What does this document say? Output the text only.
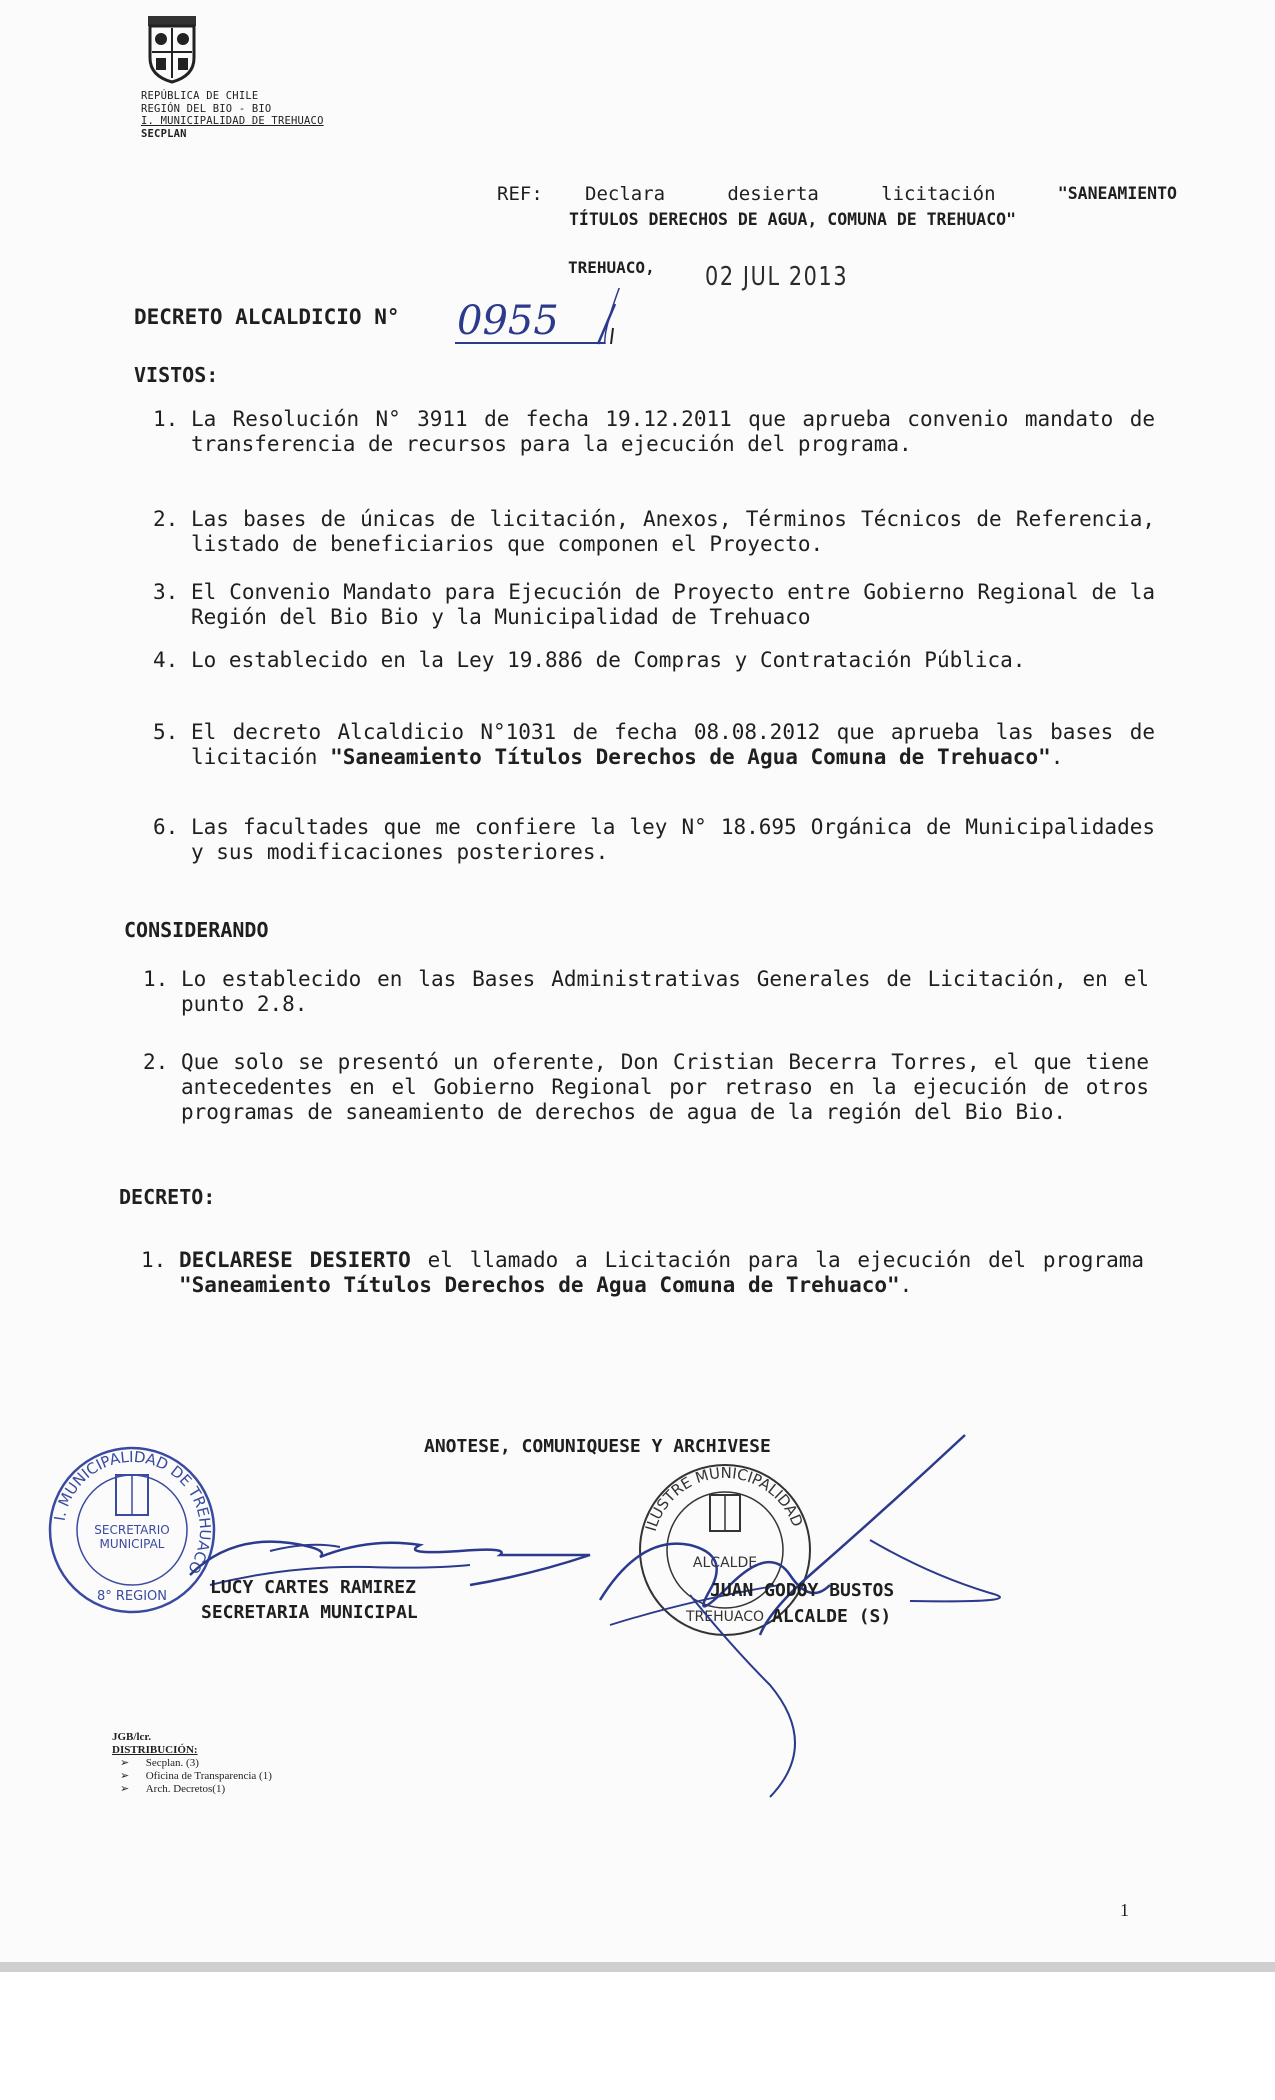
REPÚBLICA DE CHILE
REGIÓN DEL BIO - BIO
I. MUNICIPALIDAD DE TREHUACO
SECPLAN
REF: Declara	desierta	licitación	"SANEAMIENTO
TÍTULOS DERECHOS DE AGUA, COMUNA DE TREHUACO"
TREHUACO, 02 JUL 2013
DECRETO ALCALDICIO N° 0955
VISTOS:
1. La Resolución N° 3911 de fecha 19.12.2011 que aprueba convenio mandato de transferencia de recursos para la ejecución del programa.
2. Las bases de únicas de licitación, Anexos, Términos Técnicos de Referencia, listado de beneficiarios que componen el Proyecto.
3. El Convenio Mandato para Ejecución de Proyecto entre Gobierno Regional de la Región del Bio Bio y la Municipalidad de Trehuaco
4. Lo establecido en la Ley 19.886 de Compras y Contratación Pública.
5. El decreto Alcaldicio N°1031 de fecha 08.08.2012 que aprueba las bases de licitación "Saneamiento Títulos Derechos de Agua Comuna de Trehuaco".
6. Las facultades que me confiere la ley N° 18.695 Orgánica de Municipalidades y sus modificaciones posteriores.
CONSIDERANDO
1. Lo establecido en las Bases Administrativas Generales de Licitación, en el punto 2.8.
2. Que solo se presentó un oferente, Don Cristian Becerra Torres, el que tiene antecedentes en el Gobierno Regional por retraso en la ejecución de otros programas de saneamiento de derechos de agua de la región del Bio Bio.
DECRETO:
1. DECLARESE DESIERTO el llamado a Licitación para la ejecución del programa "Saneamiento Títulos Derechos de Agua Comuna de Trehuaco".
ANOTESE, COMUNIQUESE Y ARCHIVESE
I. MUNICIPALIDAD DE TREHUACO
SECRETARIO
MUNICIPAL
8° REGION
ILUSTRE MUNICIPALIDAD
ALCALDE
TREHUACO
LUCY CARTES RAMIREZ
SECRETARIA MUNICIPAL
JUAN GODOY BUSTOS
ALCALDE (S)
JGB/lcr.
DISTRIBUCIÓN:
➢ Secplan. (3)
➢ Oficina de Transparencia (1)
➢ Arch. Decretos(1)
1
